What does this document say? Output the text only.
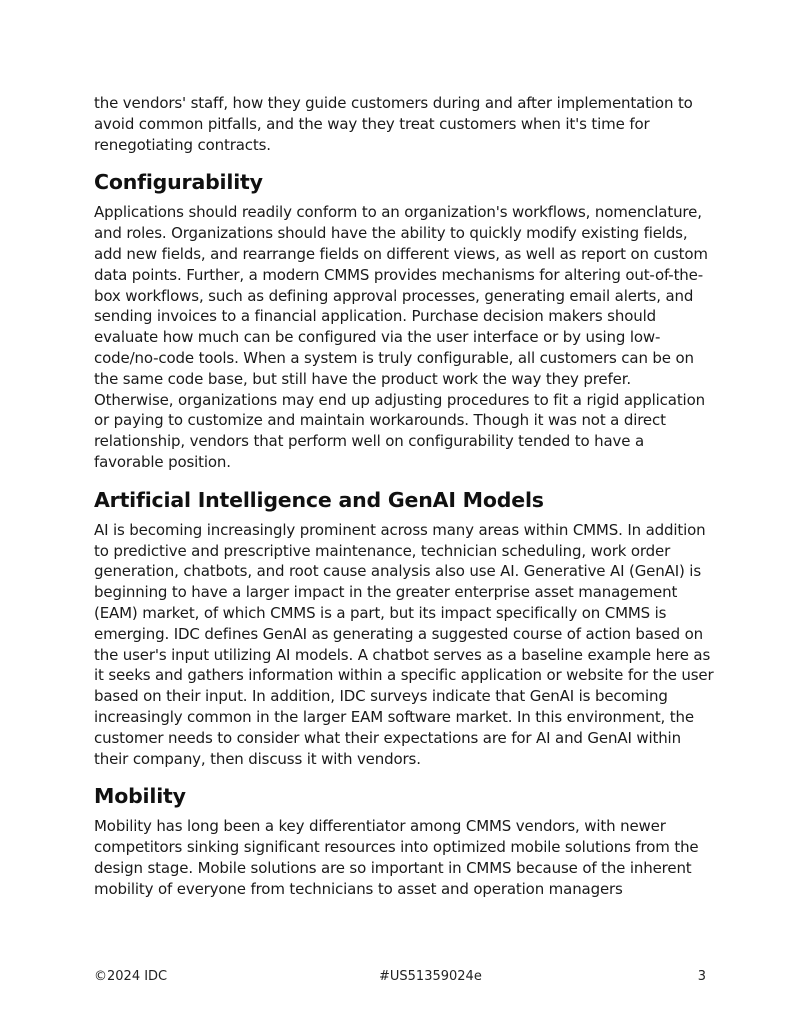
the vendors' staff, how they guide customers during and after implementation to avoid common pitfalls, and the way they treat customers when it's time for renegotiating contracts.

Configurability

Applications should readily conform to an organization's workflows, nomenclature, and roles. Organizations should have the ability to quickly modify existing fields, add new fields, and rearrange fields on different views, as well as report on custom data points. Further, a modern CMMS provides mechanisms for altering out-of-the-box workflows, such as defining approval processes, generating email alerts, and sending invoices to a financial application. Purchase decision makers should evaluate how much can be configured via the user interface or by using low-code/no-code tools. When a system is truly configurable, all customers can be on the same code base, but still have the product work the way they prefer. Otherwise, organizations may end up adjusting procedures to fit a rigid application or paying to customize and maintain workarounds. Though it was not a direct relationship, vendors that perform well on configurability tended to have a favorable position.

Artificial Intelligence and GenAI Models

AI is becoming increasingly prominent across many areas within CMMS. In addition to predictive and prescriptive maintenance, technician scheduling, work order generation, chatbots, and root cause analysis also use AI. Generative AI (GenAI) is beginning to have a larger impact in the greater enterprise asset management (EAM) market, of which CMMS is a part, but its impact specifically on CMMS is emerging. IDC defines GenAI as generating a suggested course of action based on the user's input utilizing AI models. A chatbot serves as a baseline example here as it seeks and gathers information within a specific application or website for the user based on their input. In addition, IDC surveys indicate that GenAI is becoming increasingly common in the larger EAM software market. In this environment, the customer needs to consider what their expectations are for AI and GenAI within their company, then discuss it with vendors.

Mobility

Mobility has long been a key differentiator among CMMS vendors, with newer competitors sinking significant resources into optimized mobile solutions from the design stage. Mobile solutions are so important in CMMS because of the inherent mobility of everyone from technicians to asset and operation managers

©2024 IDC	#US51359024e	3
